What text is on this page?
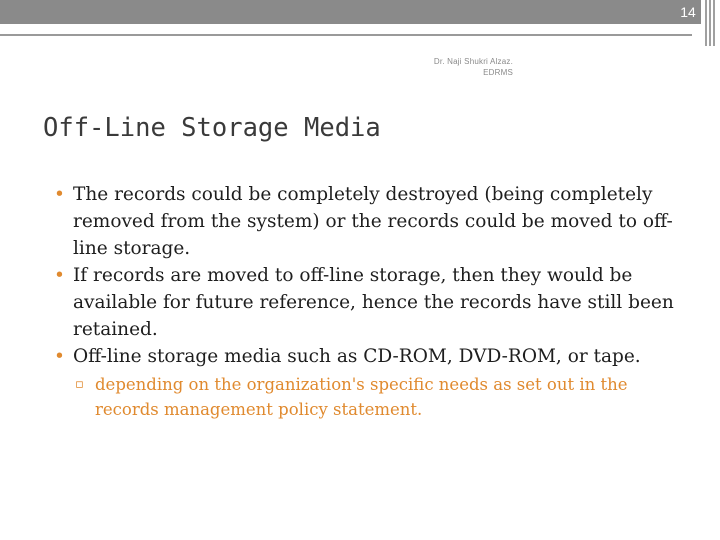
14
Dr. Naji Shukri Alzaz.
EDRMS
Off-Line Storage Media
• The records could be completely destroyed (being completely removed from the system) or the records could be moved to off-line storage.
• If records are moved to off-line storage, then they would be available for future reference, hence the records have still been retained.
• Off-line storage media such as CD-ROM, DVD-ROM, or tape.
▫ depending on the organization's specific needs as set out in the records management policy statement.
